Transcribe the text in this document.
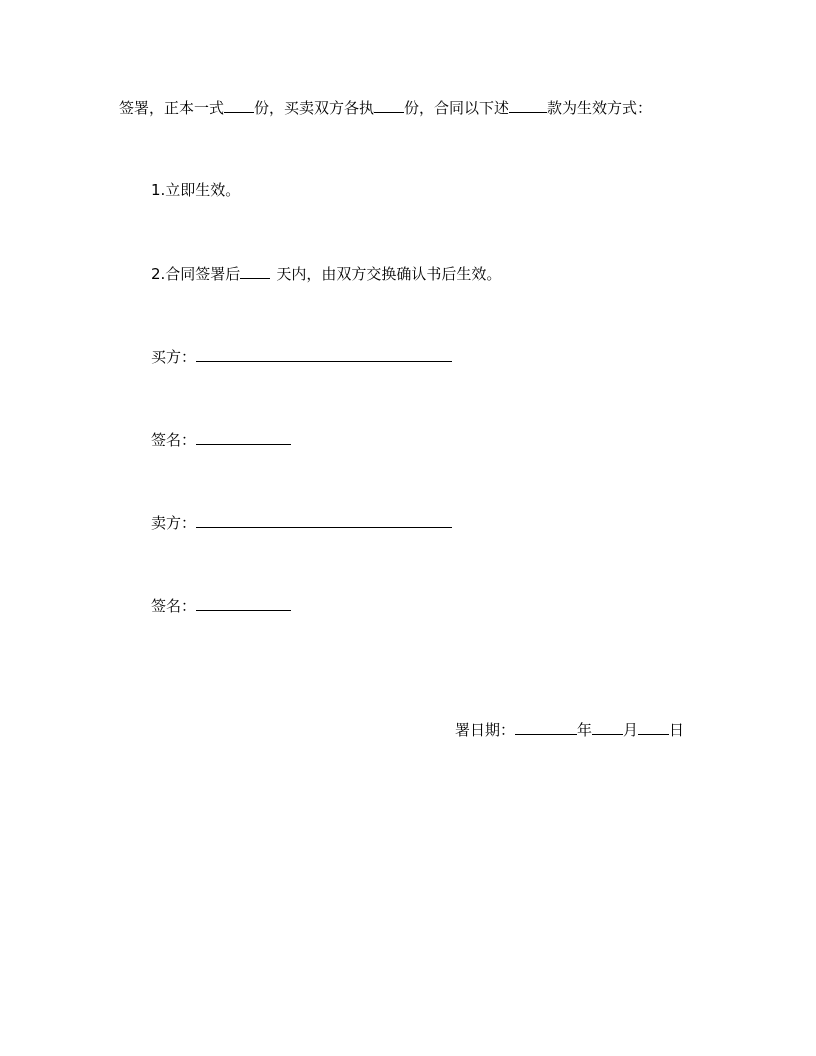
签署，正本一式 份，买卖双方各执 份，合同以下述	款为生效方式：
1.立即生效。
2.合同签署后 天内，由双方交换确认书后生效。
买方：
签名：
卖方：
签名：
署日期：	年 月 日
